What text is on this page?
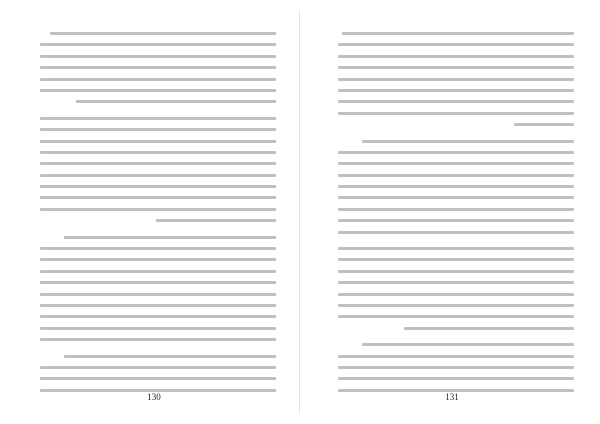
130	131
